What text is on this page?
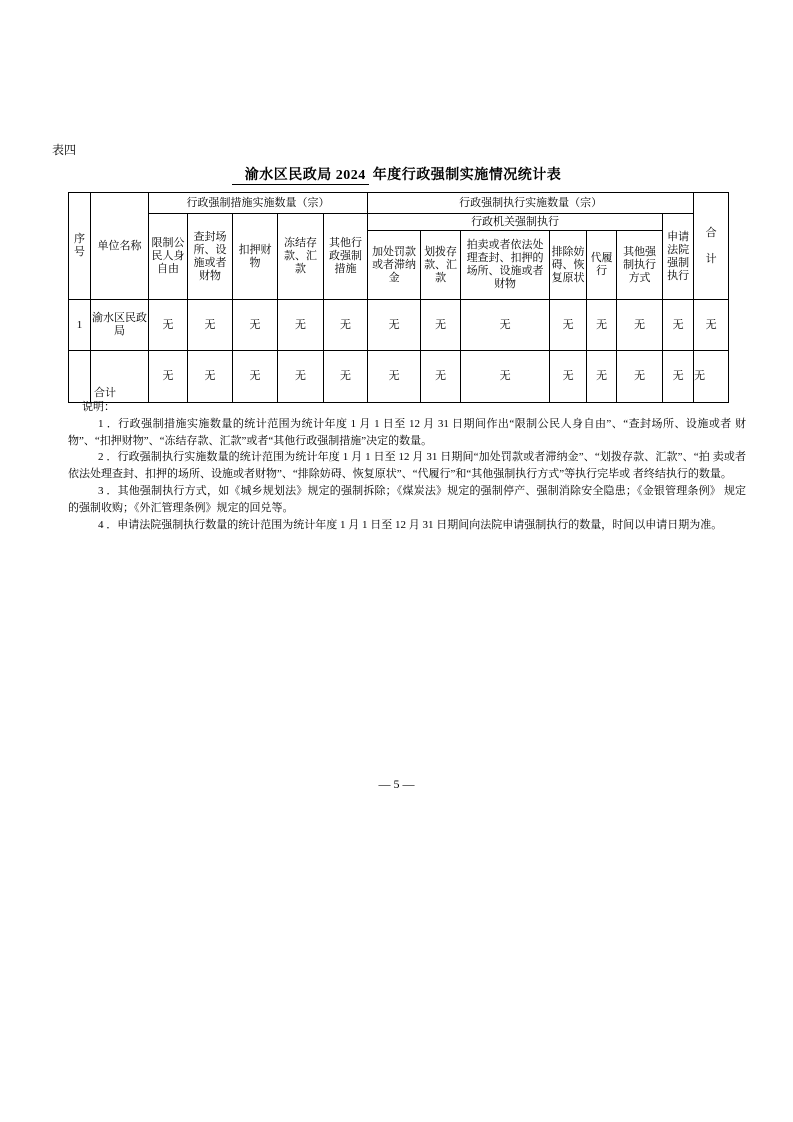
表四
渝水区民政局 2024 年度行政强制实施情况统计表
序号	单位名称	行政强制措施实施数量（宗）					行政强制执行实施数量（宗）							合计
		限制公民人身自由	查封场所、设施或者财物	扣押财物	冻结存款、汇款	其他行政强制措施	行政机关强制执行						申请法院强制执行	
							加处罚款或者滞纳金	划拨存款、汇款	拍卖或者依法处理查封、扣押的场所、设施或者财物	排除妨碍、恢复原状	代履行	其他强制执行方式		
1	渝水区民政局	无	无	无	无	无	无	无	无	无	无	无	无	无
	合计	无	无	无	无	无	无	无	无	无	无	无	无	无
说明：

1 ．行政强制措施实施数量的统计范围为统计年度 1 月 1 日至 12 月 31 日期间作出“限制公民人身自由”、“查封场所、设施或者 财物”、“扣押财物”、“冻结存款、汇款”或者“其他行政强制措施”决定的数量。

2 ．行政强制执行实施数量的统计范围为统计年度 1 月 1 日至 12 月 31 日期间“加处罚款或者滞纳金”、“划拨存款、汇款”、“拍 卖或者依法处理查封、扣押的场所、设施或者财物”、“排除妨碍、恢复原状”、“代履行”和“其他强制执行方式”等执行完毕或 者终结执行的数量。

3 ．其他强制执行方式，如《城乡规划法》规定的强制拆除；《煤炭法》规定的强制停产、强制消除安全隐患；《金银管理条例》 规定的强制收购；《外汇管理条例》规定的回兑等。

4 ．申请法院强制执行数量的统计范围为统计年度 1 月 1 日至 12 月 31 日期间向法院申请强制执行的数量，时间以申请日期为准。

— 5 —
